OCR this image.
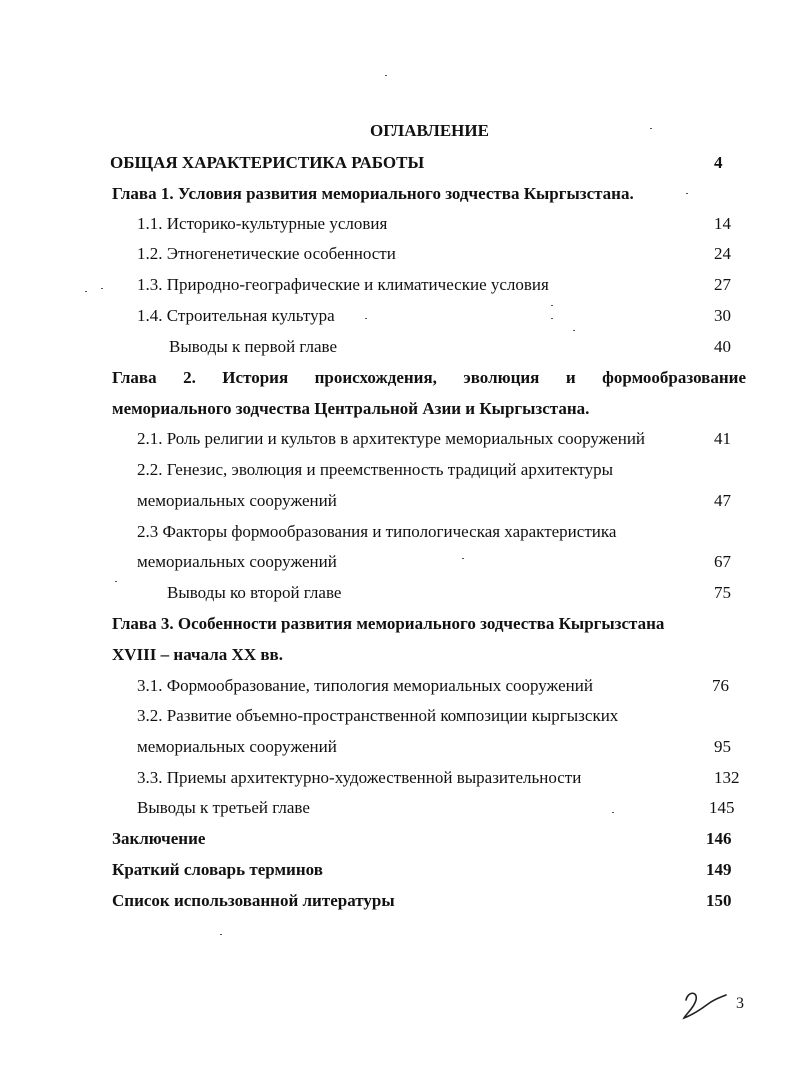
ОГЛАВЛЕНИЕ
ОБЩАЯ ХАРАКТЕРИСТИКА РАБОТЫ	4
Глава 1. Условия развития мемориального зодчества Кыргызстана.
1.1. Историко-культурные условия	14
1.2. Этногенетические особенности	24
1.3. Природно-географические и климатические условия	27
1.4. Строительная культура	30
Выводы к первой главе	40
Глава 2. История происхождения, эволюция и формообразование
мемориального зодчества Центральной Азии и Кыргызстана.
2.1. Роль религии и культов в архитектуре мемориальных сооружений	41
2.2. Генезис, эволюция и преемственность традиций архитектуры
мемориальных сооружений	47
2.3 Факторы формообразования и типологическая характеристика
мемориальных сооружений	67
Выводы ко второй главе	75
Глава 3. Особенности развития мемориального зодчества Кыргызстана
XVIII – начала XX вв.
3.1. Формообразование, типология мемориальных сооружений	76
3.2. Развитие объемно-пространственной композиции кыргызских
мемориальных сооружений	95
3.3. Приемы архитектурно-художественной выразительности	132
Выводы к третьей главе	145
Заключение	146
Краткий словарь терминов	149
Список использованной литературы	150
3
